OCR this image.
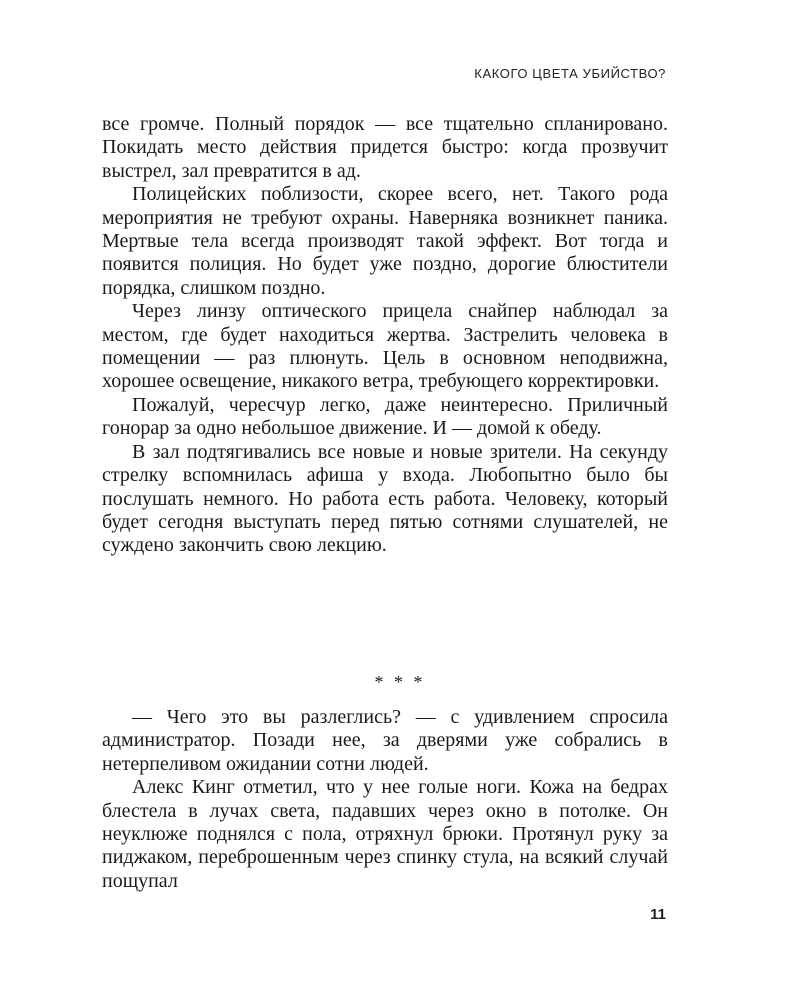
КАКОГО ЦВЕТА УБИЙСТВО?

все громче. Полный порядок — все тщательно спланировано. Покидать место действия придется быстро: когда прозвучит выстрел, зал превратится в ад.

Полицейских поблизости, скорее всего, нет. Такого рода мероприятия не требуют охраны. Наверняка возникнет паника. Мертвые тела всегда производят такой эффект. Вот тогда и появится полиция. Но будет уже поздно, дорогие блюстители порядка, слишком поздно.

Через линзу оптического прицела снайпер наблюдал за местом, где будет находиться жертва. Застрелить человека в помещении — раз плюнуть. Цель в основном неподвижна, хорошее освещение, никакого ветра, требующего корректировки.

Пожалуй, чересчур легко, даже неинтересно. Приличный гонорар за одно небольшое движение. И — домой к обеду.

В зал подтягивались все новые и новые зрители. На секунду стрелку вспомнилась афиша у входа. Любопытно было бы послушать немного. Но работа есть работа. Человеку, который будет сегодня выступать перед пятью сотнями слушателей, не суждено закончить свою лекцию.

* * *

— Чего это вы разлеглись? — с удивлением спросила администратор. Позади нее, за дверями уже собрались в нетерпеливом ожидании сотни людей.

Алекс Кинг отметил, что у нее голые ноги. Кожа на бедрах блестела в лучах света, падавших через окно в потолке. Он неуклюже поднялся с пола, отряхнул брюки. Протянул руку за пиджаком, переброшенным через спинку стула, на всякий случай пощупал

11
